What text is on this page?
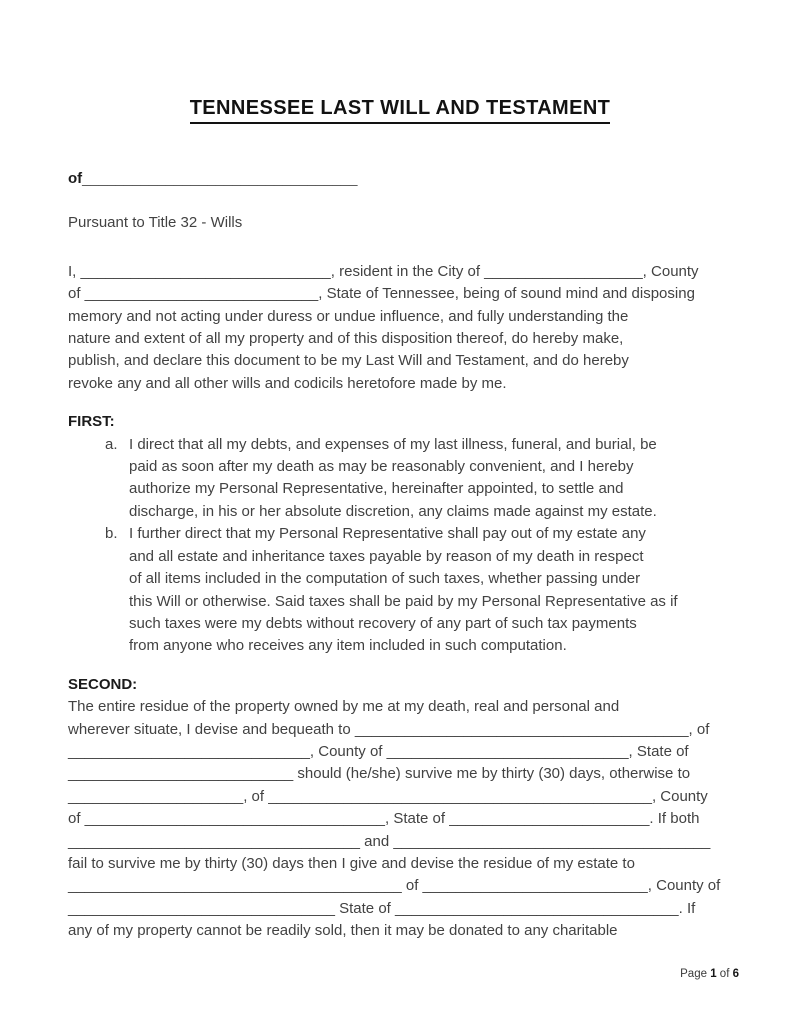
TENNESSEE LAST WILL AND TESTAMENT
of_________________________________
Pursuant to Title 32 - Wills
I, ______________________________, resident in the City of ___________________, County
of ____________________________, State of Tennessee, being of sound mind and disposing
memory and not acting under duress or undue influence, and fully understanding the
nature and extent of all my property and of this disposition thereof, do hereby make,
publish, and declare this document to be my Last Will and Testament, and do hereby
revoke any and all other wills and codicils heretofore made by me.
FIRST:
a. I direct that all my debts, and expenses of my last illness, funeral, and burial, be
paid as soon after my death as may be reasonably convenient, and I hereby
authorize my Personal Representative, hereinafter appointed, to settle and
discharge, in his or her absolute discretion, any claims made against my estate.
b. I further direct that my Personal Representative shall pay out of my estate any
and all estate and inheritance taxes payable by reason of my death in respect
of all items included in the computation of such taxes, whether passing under
this Will or otherwise. Said taxes shall be paid by my Personal Representative as if
such taxes were my debts without recovery of any part of such tax payments
from anyone who receives any item included in such computation.
SECOND:
The entire residue of the property owned by me at my death, real and personal and
wherever situate, I devise and bequeath to ________________________________________, of
_____________________________, County of _____________________________, State of
___________________________ should (he/she) survive me by thirty (30) days, otherwise to
_____________________, of ______________________________________________, County
of ____________________________________, State of ________________________. If both
___________________________________ and ______________________________________
fail to survive me by thirty (30) days then I give and devise the residue of my estate to
________________________________________ of ___________________________, County of
________________________________ State of __________________________________. If
any of my property cannot be readily sold, then it may be donated to any charitable
Page 1 of 6
